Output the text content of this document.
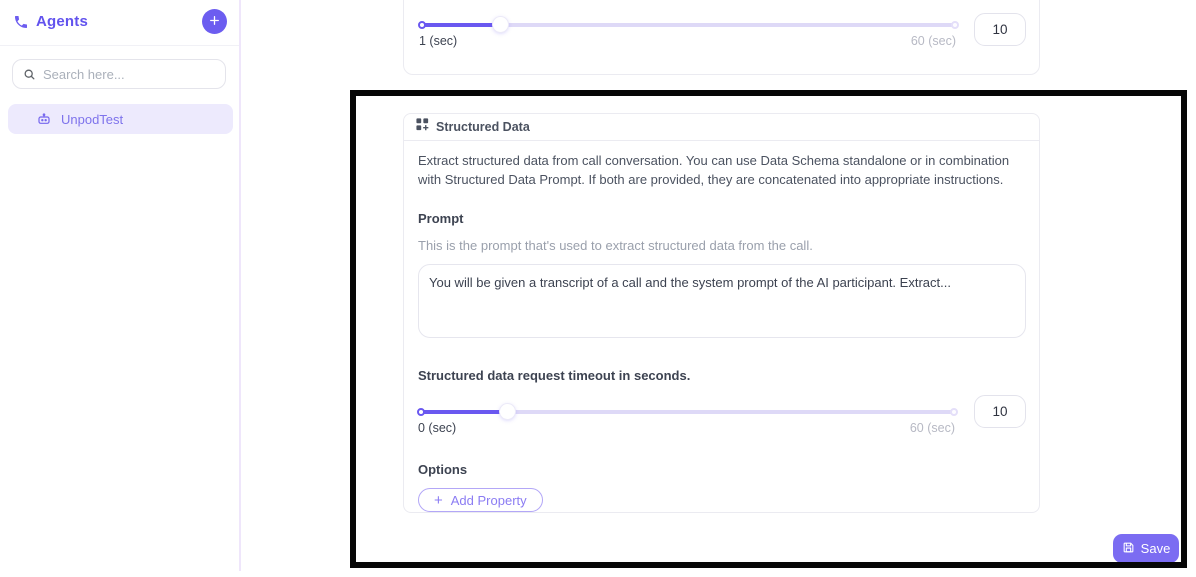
Agents
Search here...
UnpodTest
1 (sec)	60 (sec)
10
Structured Data

Extract structured data from call conversation. You can use Data Schema standalone or in combination with Structured Data Prompt. If both are provided, they are concatenated into appropriate instructions.

Prompt
This is the prompt that's used to extract structured data from the call.
You will be given a transcript of a call and the system prompt of the AI participant. Extract...
Structured data request timeout in seconds.
0 (sec)	60 (sec)
10
Options
+ Add Property
Save
